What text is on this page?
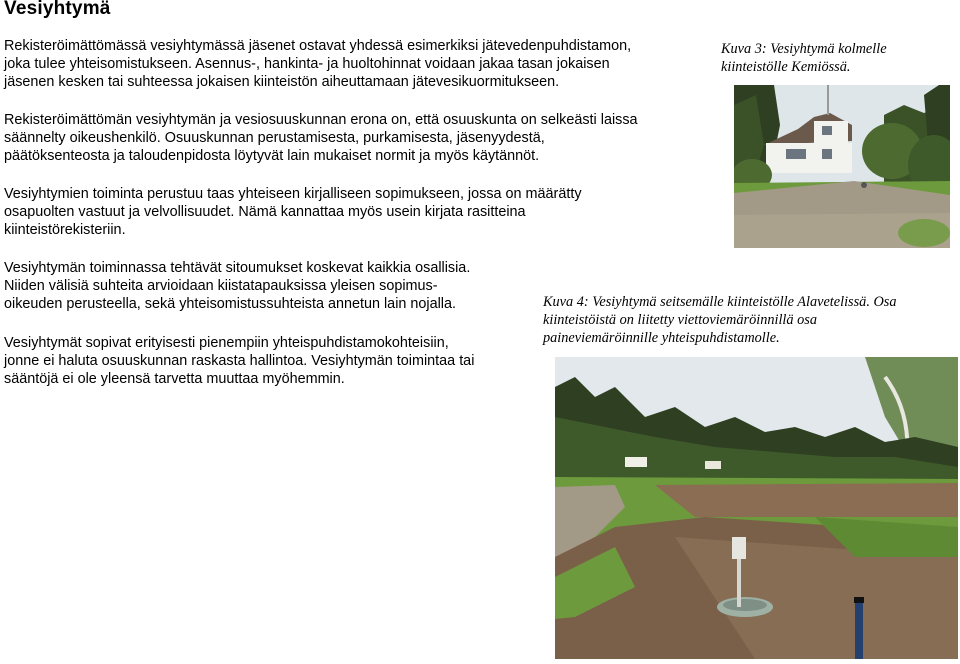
Vesiyhtymä

Rekisteröimättömässä vesiyhtymässä jäsenet ostavat yhdessä esimerkiksi jätevedenpuhdistamon,
joka tulee yhteisomistukseen. Asennus-, hankinta- ja huoltohinnat voidaan jakaa tasan jokaisen
jäsenen kesken tai suhteessa jokaisen kiinteistön aiheuttamaan jätevesikuormitukseen.

Rekisteröimättömän vesiyhtymän ja vesiosuuskunnan erona on, että osuuskunta on selkeästi laissa
säännelty oikeushenkilö. Osuuskunnan perustamisesta, purkamisesta, jäsenyydestä,
päätöksenteosta ja taloudenpidosta löytyvät lain mukaiset normit ja myös käytännöt.

Vesiyhtymien toiminta perustuu taas yhteiseen kirjalliseen sopimukseen, jossa on määrätty
osapuolten vastuut ja velvollisuudet. Nämä kannattaa myös usein kirjata rasitteina
kiinteistörekisteriin.

Vesiyhtymän toiminnassa tehtävät sitoumukset koskevat kaikkia osallisia.
Niiden välisiä suhteita arvioidaan kiistatapauksissa yleisen sopimus-
oikeuden perusteella, sekä yhteisomistussuhteista annetun lain nojalla.

Vesiyhtymät sopivat erityisesti pienempiin yhteispuhdistamokohteisiin,
jonne ei haluta osuuskunnan raskasta hallintoa. Vesiyhtymän toimintaa tai
sääntöjä ei ole yleensä tarvetta muuttaa myöhemmin.

Kuva 3: Vesiyhtymä kolmelle
kiinteistölle Kemiössä.

Kuva 4: Vesiyhtymä seitsemälle kiinteistölle Alavetelissä. Osa
kiinteistöistä on liitetty viettoviemäröinnillä osa
paineviemäröinnille yhteispuhdistamolle.
